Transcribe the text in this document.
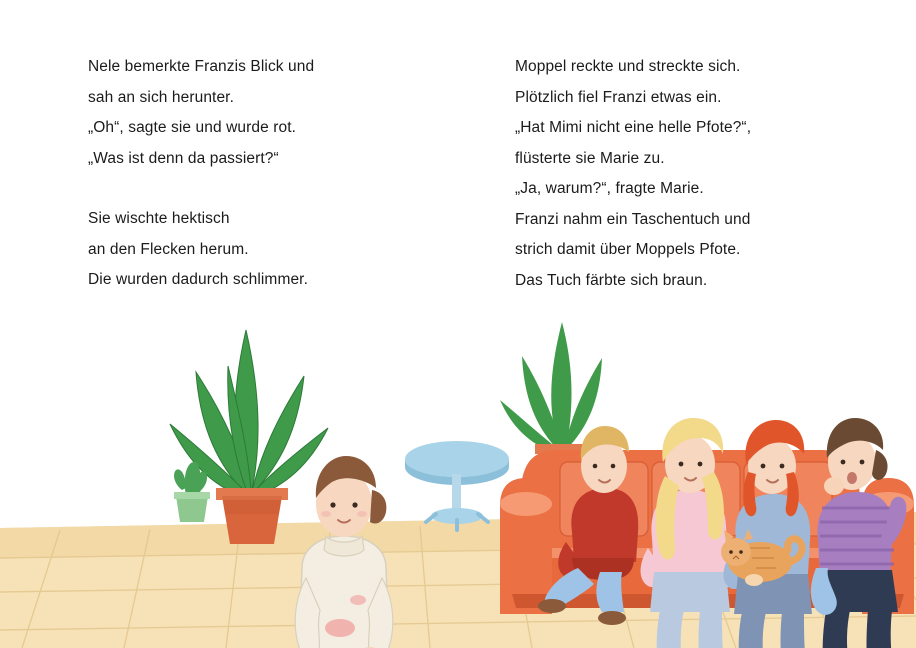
Nele bemerkte Franzis Blick und
sah an sich herunter.
„Oh“, sagte sie und wurde rot.
„Was ist denn da passiert?“

Sie wischte hektisch
an den Flecken herum.
Die wurden dadurch schlimmer.

Moppel reckte und streckte sich.
Plötzlich fiel Franzi etwas ein.
„Hat Mimi nicht eine helle Pfote?“,
flüsterte sie Marie zu.
„Ja, warum?“, fragte Marie.
Franzi nahm ein Taschentuch und
strich damit über Moppels Pfote.
Das Tuch färbte sich braun.
